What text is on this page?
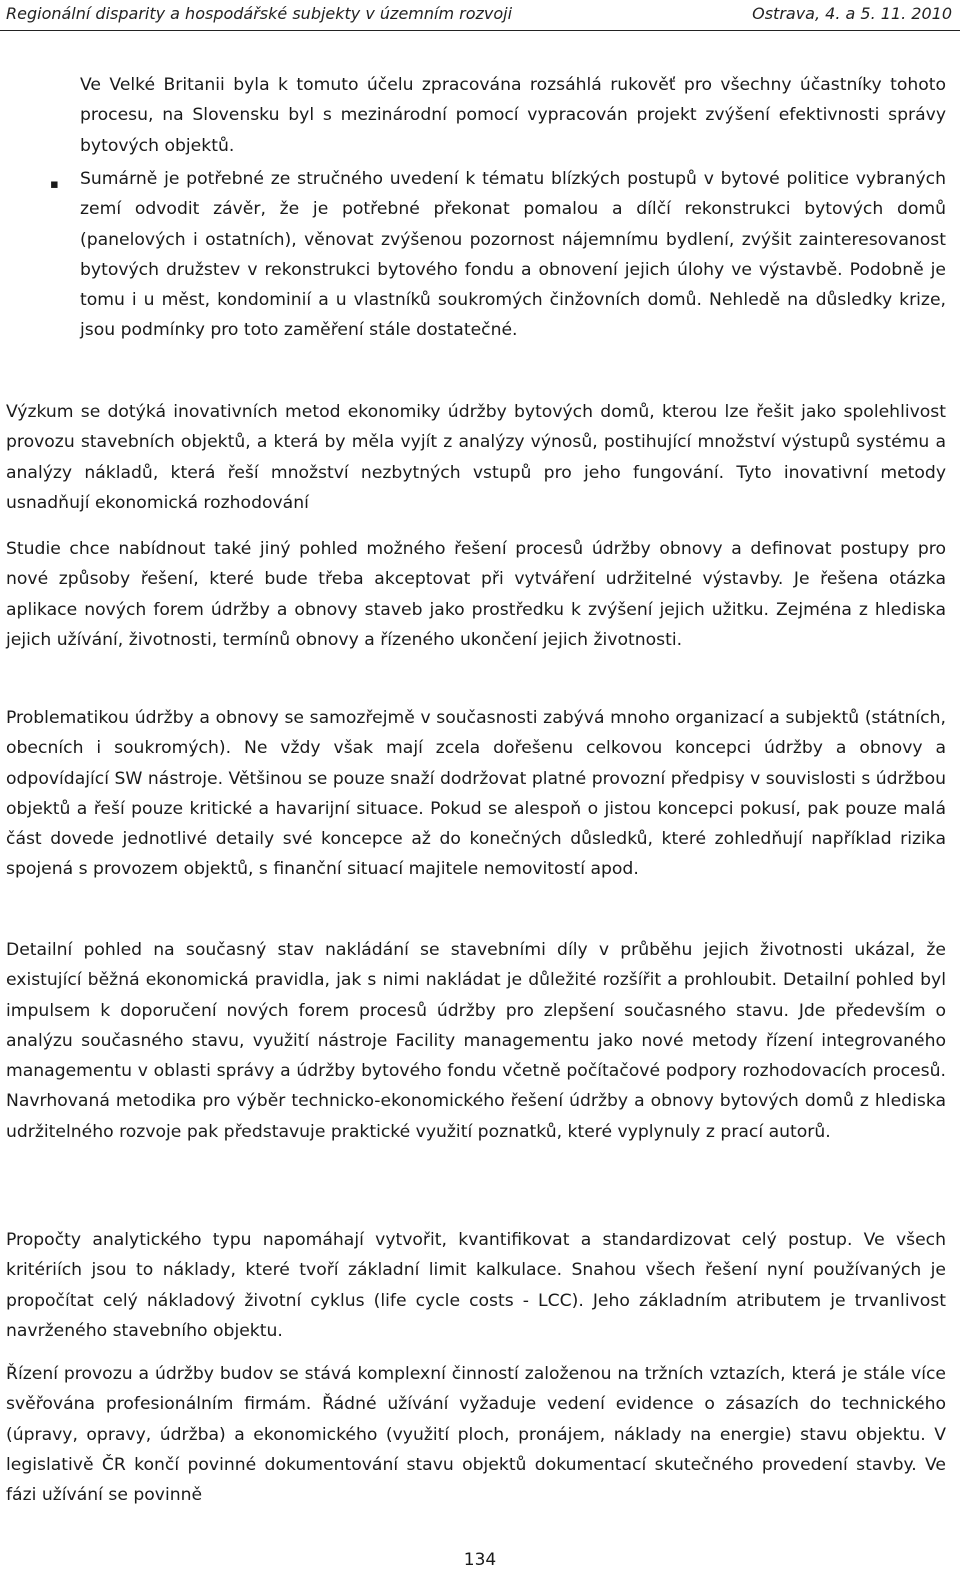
Regionální disparity a hospodářské subjekty v územním rozvoji	Ostrava, 4. a 5. 11. 2010

Ve Velké Britanii byla k tomuto účelu zpracována rozsáhlá rukověť pro všechny účastníky tohoto procesu, na Slovensku byl s mezinárodní pomocí vypracován projekt zvýšení efektivnosti správy bytových objektů.

▪ Sumárně je potřebné ze stručného uvedení k tématu blízkých postupů v bytové politice vybraných zemí odvodit závěr, že je potřebné překonat pomalou a dílčí rekonstrukci bytových domů (panelových i ostatních), věnovat zvýšenou pozornost nájemnímu bydlení, zvýšit zainteresovanost bytových družstev v rekonstrukci bytového fondu a obnovení jejich úlohy ve výstavbě. Podobně je tomu i u měst, kondominií a u vlastníků soukromých činžovních domů. Nehledě na důsledky krize, jsou podmínky pro toto zaměření stále dostatečné.

Výzkum se dotýká inovativních metod ekonomiky údržby bytových domů, kterou lze řešit jako spolehlivost provozu stavebních objektů, a která by měla vyjít z analýzy výnosů, postihující množství výstupů systému a analýzy nákladů, která řeší množství nezbytných vstupů pro jeho fungování. Tyto inovativní metody usnadňují ekonomická rozhodování

Studie chce nabídnout také jiný pohled možného řešení procesů údržby obnovy a definovat postupy pro nové způsoby řešení, které bude třeba akceptovat při vytváření udržitelné výstavby. Je řešena otázka aplikace nových forem údržby a obnovy staveb jako prostředku k zvýšení jejich užitku. Zejména z hlediska jejich užívání, životnosti, termínů obnovy a řízeného ukončení jejich životnosti.

Problematikou údržby a obnovy se samozřejmě v současnosti zabývá mnoho organizací a subjektů (státních, obecních i soukromých). Ne vždy však mají zcela dořešenu celkovou koncepci údržby a obnovy a odpovídající SW nástroje. Většinou se pouze snaží dodržovat platné provozní předpisy v souvislosti s údržbou objektů a řeší pouze kritické a havarijní situace. Pokud se alespoň o jistou koncepci pokusí, pak pouze malá část dovede jednotlivé detaily své koncepce až do konečných důsledků, které zohledňují například rizika spojená s provozem objektů, s finanční situací majitele nemovitostí apod.

Detailní pohled na současný stav nakládání se stavebními díly v průběhu jejich životnosti ukázal, že existující běžná ekonomická pravidla, jak s nimi nakládat je důležité rozšířit a prohloubit. Detailní pohled byl impulsem k doporučení nových forem procesů údržby pro zlepšení současného stavu. Jde především o analýzu současného stavu, využití nástroje Facility managementu jako nové metody řízení integrovaného managementu v oblasti správy a údržby bytového fondu včetně počítačové podpory rozhodovacích procesů. Navrhovaná metodika pro výběr technicko-ekonomického řešení údržby a obnovy bytových domů z hlediska udržitelného rozvoje pak představuje praktické využití poznatků, které vyplynuly z prací autorů.

Propočty analytického typu napomáhají vytvořit, kvantifikovat a standardizovat celý postup. Ve všech kritériích jsou to náklady, které tvoří základní limit kalkulace. Snahou všech řešení nyní používaných je propočítat celý nákladový životní cyklus (life cycle costs - LCC). Jeho základním atributem je trvanlivost navrženého stavebního objektu.

Řízení provozu a údržby budov se stává komplexní činností založenou na tržních vztazích, která je stále více svěřována profesionálním firmám. Řádné užívání vyžaduje vedení evidence o zásazích do technického (úpravy, opravy, údržba) a ekonomického (využití ploch, pronájem, náklady na energie) stavu objektu. V legislativě ČR končí povinné dokumentování stavu objektů dokumentací skutečného provedení stavby. Ve fázi užívání se povinně

134
